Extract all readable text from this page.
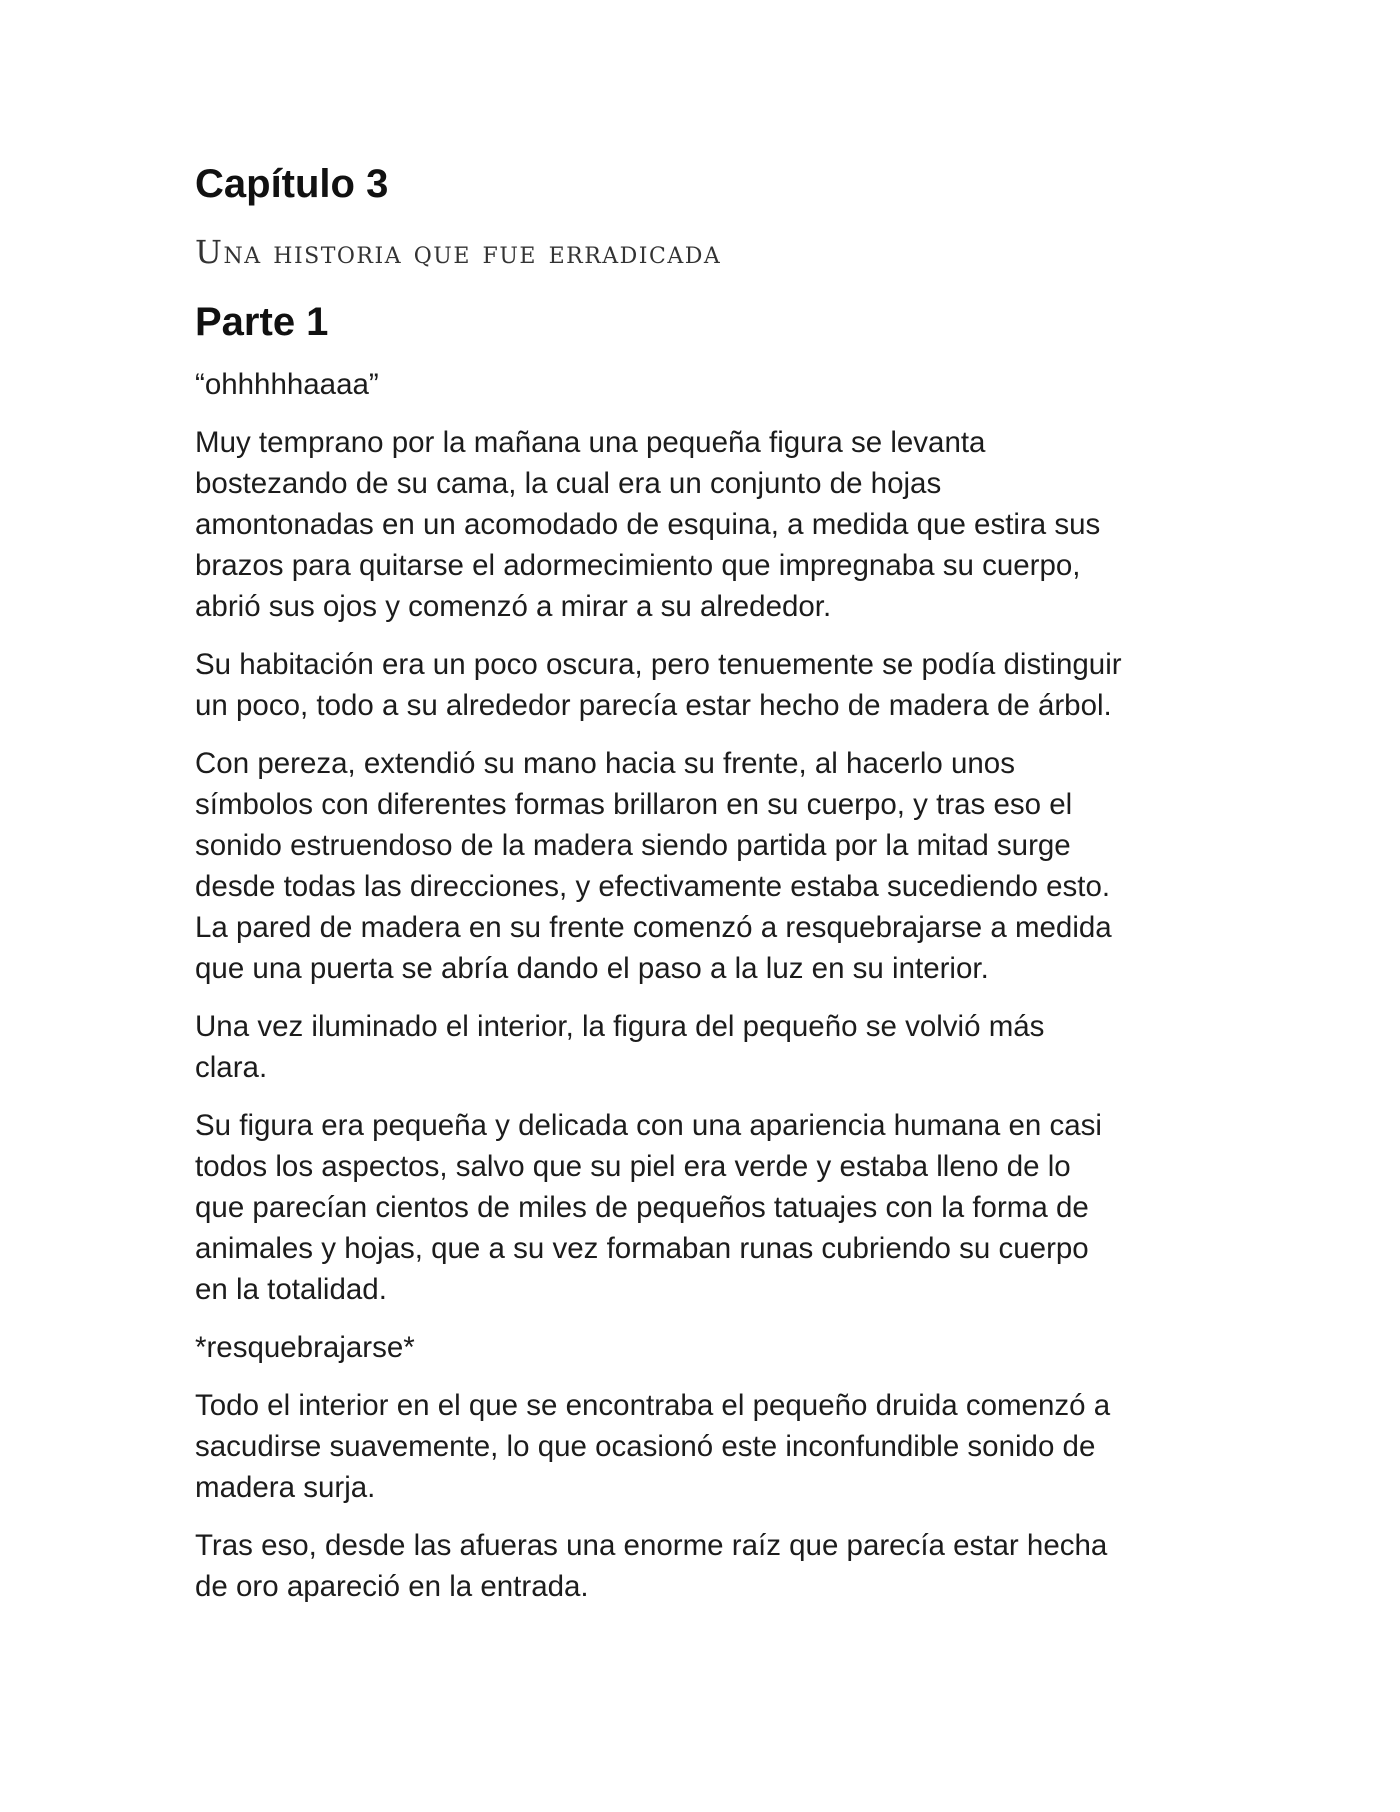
Capítulo 3
Una historia que fue erradicada
Parte 1

“ohhhhhaaaa”

Muy temprano por la mañana una pequeña figura se levanta
bostezando de su cama, la cual era un conjunto de hojas
amontonadas en un acomodado de esquina, a medida que estira sus
brazos para quitarse el adormecimiento que impregnaba su cuerpo,
abrió sus ojos y comenzó a mirar a su alrededor.

Su habitación era un poco oscura, pero tenuemente se podía distinguir
un poco, todo a su alrededor parecía estar hecho de madera de árbol.

Con pereza, extendió su mano hacia su frente, al hacerlo unos
símbolos con diferentes formas brillaron en su cuerpo, y tras eso el
sonido estruendoso de la madera siendo partida por la mitad surge
desde todas las direcciones, y efectivamente estaba sucediendo esto.
La pared de madera en su frente comenzó a resquebrajarse a medida
que una puerta se abría dando el paso a la luz en su interior.

Una vez iluminado el interior, la figura del pequeño se volvió más
clara.

Su figura era pequeña y delicada con una apariencia humana en casi
todos los aspectos, salvo que su piel era verde y estaba lleno de lo
que parecían cientos de miles de pequeños tatuajes con la forma de
animales y hojas, que a su vez formaban runas cubriendo su cuerpo
en la totalidad.

*resquebrajarse*

Todo el interior en el que se encontraba el pequeño druida comenzó a
sacudirse suavemente, lo que ocasionó este inconfundible sonido de
madera surja.

Tras eso, desde las afueras una enorme raíz que parecía estar hecha
de oro apareció en la entrada.
